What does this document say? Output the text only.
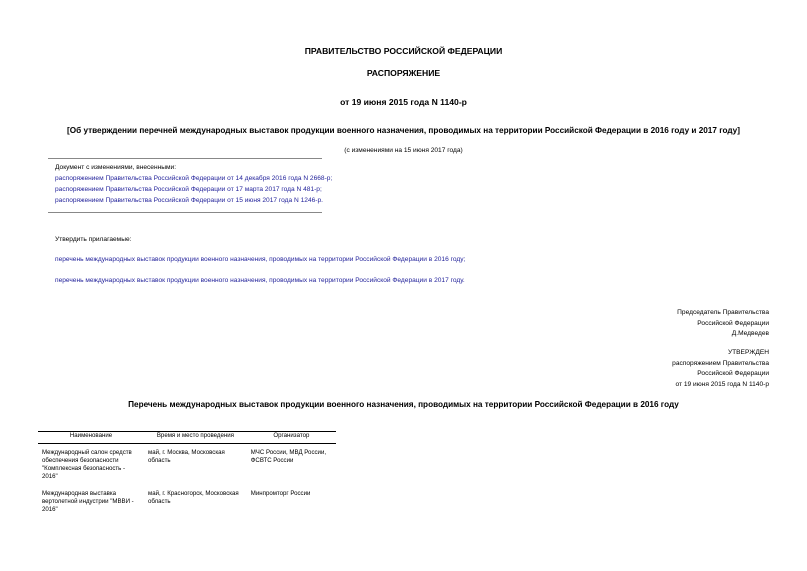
ПРАВИТЕЛЬСТВО РОССИЙСКОЙ ФЕДЕРАЦИИ
РАСПОРЯЖЕНИЕ
от 19 июня 2015 года N 1140-р
[Об утверждении перечней международных выставок продукции военного назначения, проводимых на территории Российской Федерации в 2016 году и 2017 году]
(с изменениями на 15 июня 2017 года)
Документ с изменениями, внесенными:
распоряжением Правительства Российской Федерации от 14 декабря 2016 года N 2668-р;
распоряжением Правительства Российской Федерации от 17 марта 2017 года N 481-р;
распоряжением Правительства Российской Федерации от 15 июня 2017 года N 1246-р.
Утвердить прилагаемые:
перечень международных выставок продукции военного назначения, проводимых на территории Российской Федерации в 2016 году;
перечень международных выставок продукции военного назначения, проводимых на территории Российской Федерации в 2017 году.
Председатель Правительства
Российской Федерации
Д.Медведев
УТВЕРЖДЕН
распоряжением Правительства
Российской Федерации
от 19 июня 2015 года N 1140-р
Перечень международных выставок продукции военного назначения, проводимых на территории Российской Федерации в 2016 году
Наименование	Время и место проведения	Организатор
Международный салон средств обеспечения безопасности "Комплексная безопасность - 2016"	май, г. Москва, Московская область	МЧС России, МВД России, ФСВТС России
Международная выставка вертолетной индустрии "МВВИ - 2016"	май, г. Красногорск, Московская область	Минпромторг России
